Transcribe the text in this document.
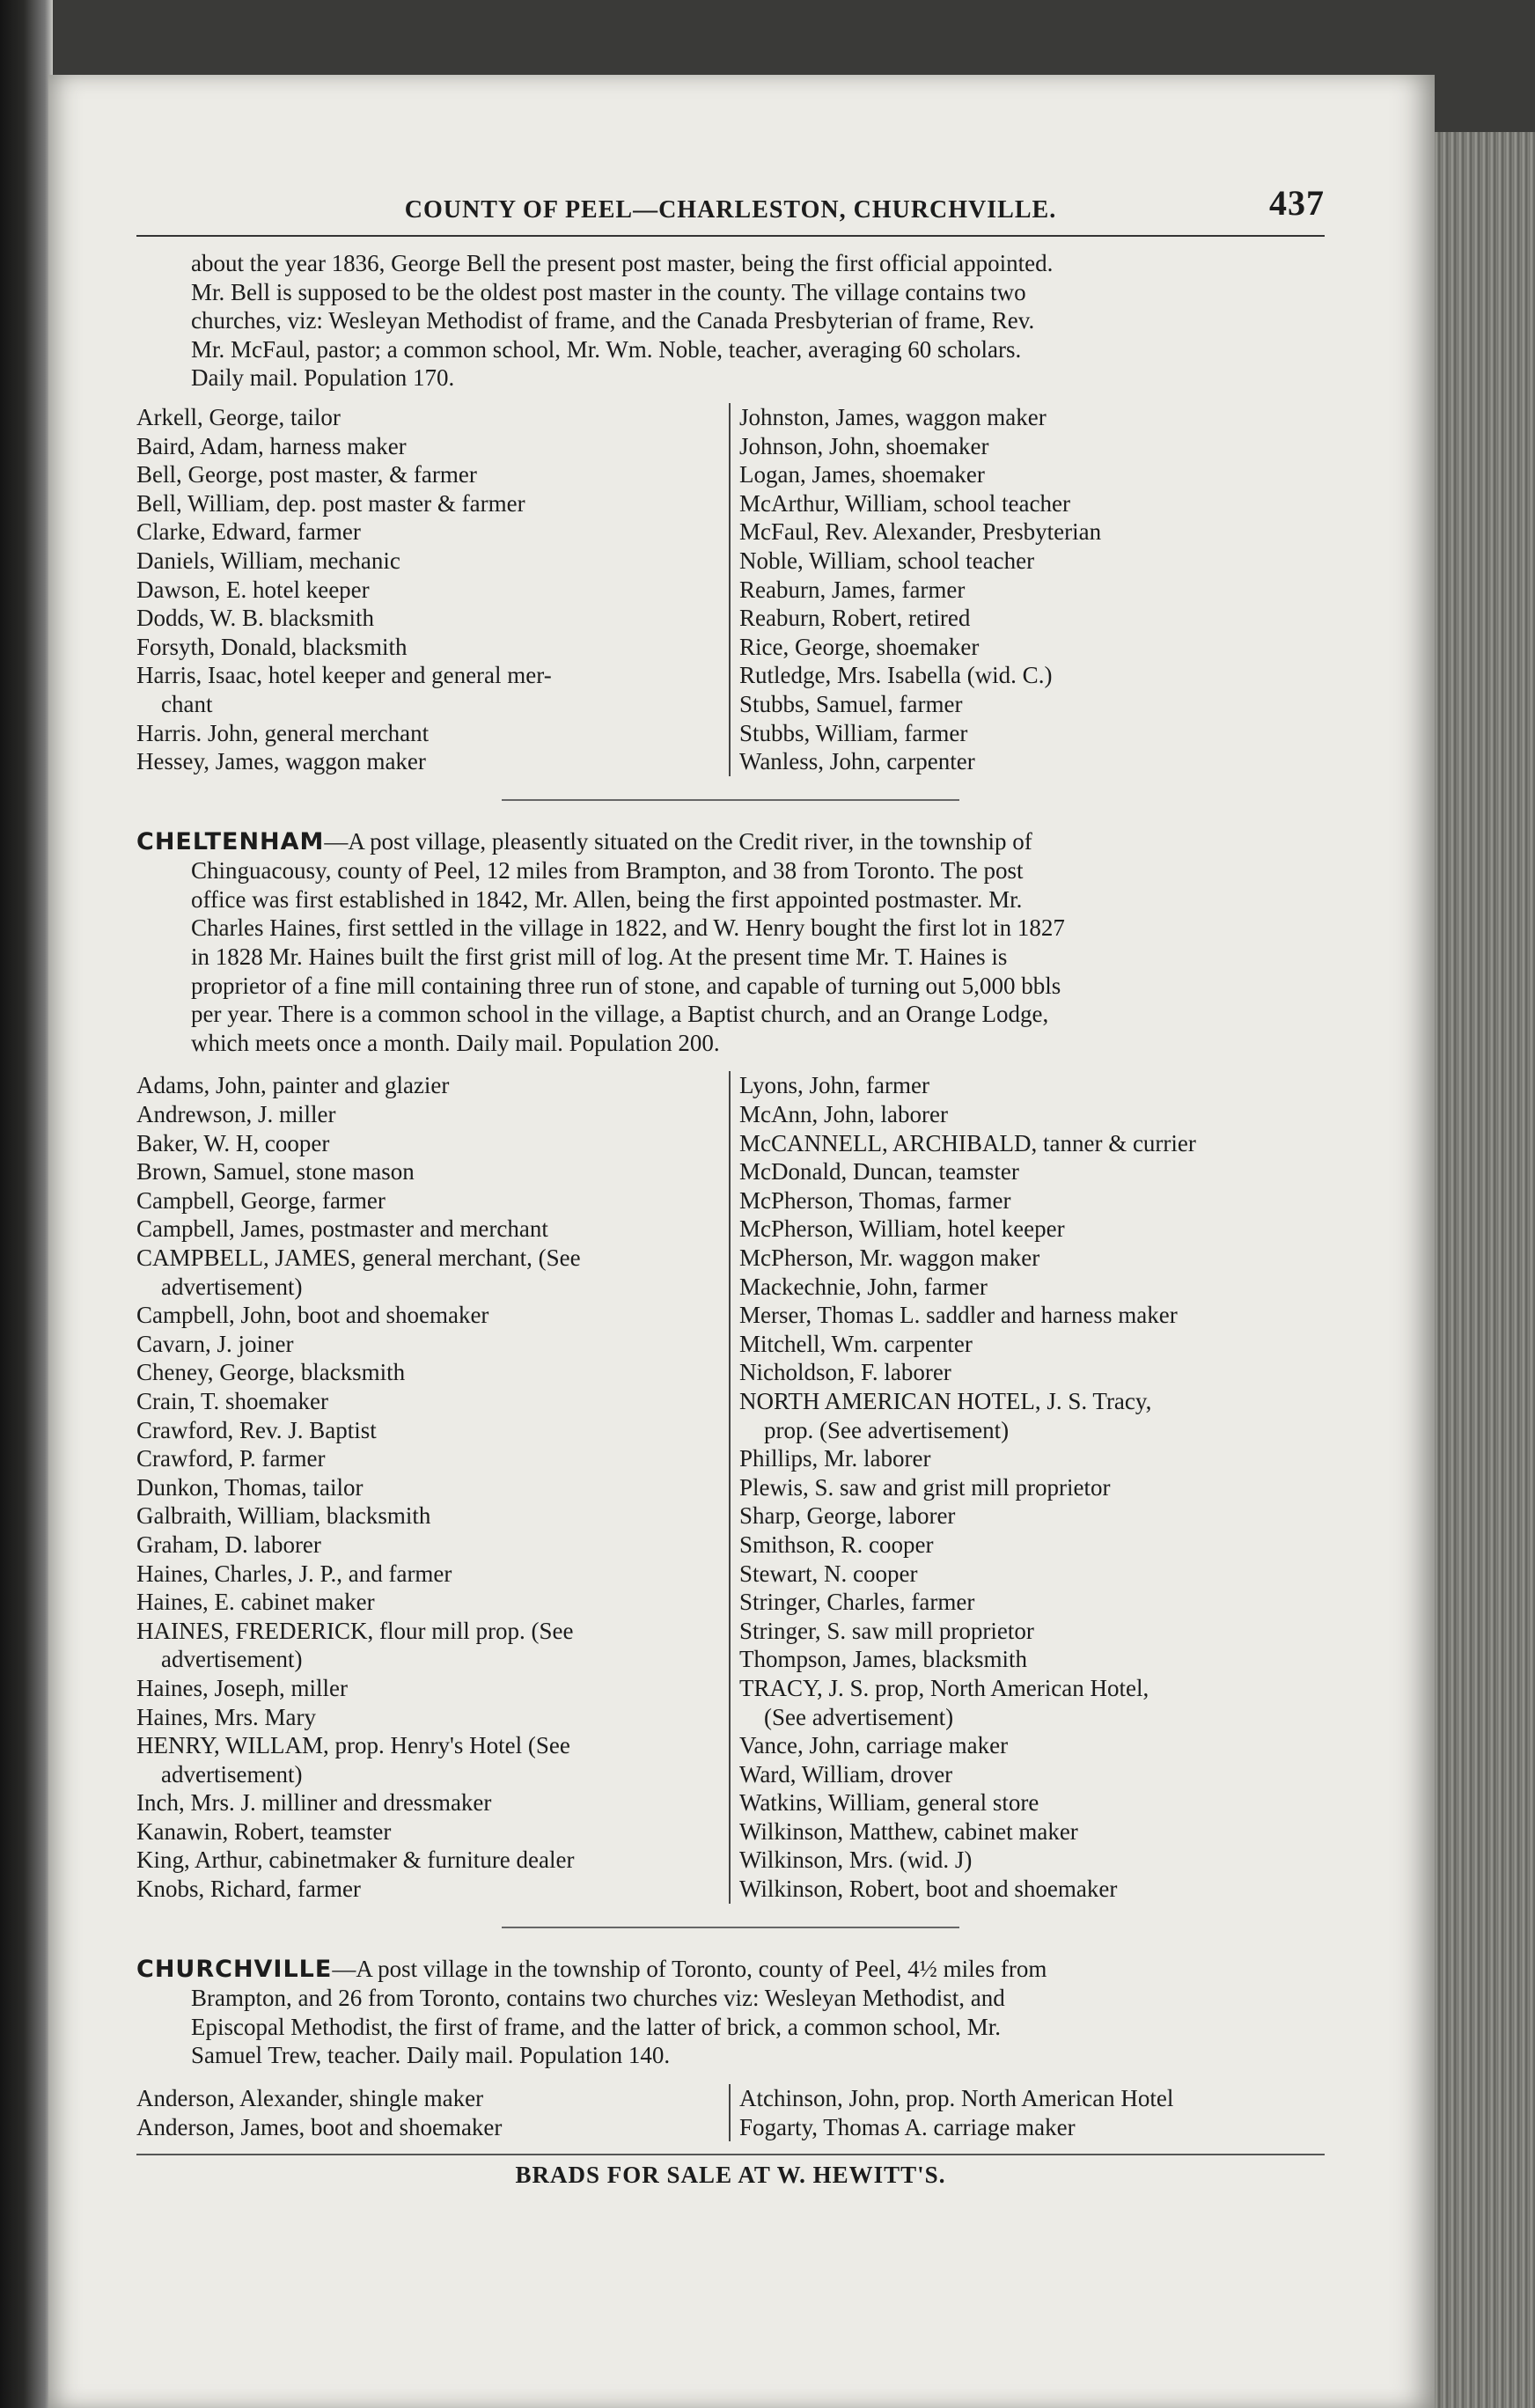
COUNTY OF PEEL—CHARLESTON, CHURCHVILLE.	437
about the year 1836, George Bell the present post master, being the first official appointed.
Mr. Bell is supposed to be the oldest post master in the county. The village contains two
churches, viz: Wesleyan Methodist of frame, and the Canada Presbyterian of frame, Rev.
Mr. McFaul, pastor; a common school, Mr. Wm. Noble, teacher, averaging 60 scholars.
Daily mail. Population 170.
Arkell, George, tailor
Baird, Adam, harness maker
Bell, George, post master, & farmer
Bell, William, dep. post master & farmer
Clarke, Edward, farmer
Daniels, William, mechanic
Dawson, E. hotel keeper
Dodds, W. B. blacksmith
Forsyth, Donald, blacksmith
Harris, Isaac, hotel keeper and general mer-
chant
Harris. John, general merchant
Hessey, James, waggon maker
Johnston, James, waggon maker
Johnson, John, shoemaker
Logan, James, shoemaker
McArthur, William, school teacher
McFaul, Rev. Alexander, Presbyterian
Noble, William, school teacher
Reaburn, James, farmer
Reaburn, Robert, retired
Rice, George, shoemaker
Rutledge, Mrs. Isabella (wid. C.)
Stubbs, Samuel, farmer
Stubbs, William, farmer
Wanless, John, carpenter
CHELTENHAM—A post village, pleasently situated on the Credit river, in the township of
Chinguacousy, county of Peel, 12 miles from Brampton, and 38 from Toronto. The post
office was first established in 1842, Mr. Allen, being the first appointed postmaster. Mr.
Charles Haines, first settled in the village in 1822, and W. Henry bought the first lot in 1827
in 1828 Mr. Haines built the first grist mill of log. At the present time Mr. T. Haines is
proprietor of a fine mill containing three run of stone, and capable of turning out 5,000 bbls
per year. There is a common school in the village, a Baptist church, and an Orange Lodge,
which meets once a month. Daily mail. Population 200.
Adams, John, painter and glazier
Andrewson, J. miller
Baker, W. H, cooper
Brown, Samuel, stone mason
Campbell, George, farmer
Campbell, James, postmaster and merchant
CAMPBELL, JAMES, general merchant, (See
advertisement)
Campbell, John, boot and shoemaker
Cavarn, J. joiner
Cheney, George, blacksmith
Crain, T. shoemaker
Crawford, Rev. J. Baptist
Crawford, P. farmer
Dunkon, Thomas, tailor
Galbraith, William, blacksmith
Graham, D. laborer
Haines, Charles, J. P., and farmer
Haines, E. cabinet maker
HAINES, FREDERICK, flour mill prop. (See
advertisement)
Haines, Joseph, miller
Haines, Mrs. Mary
HENRY, WILLAM, prop. Henry's Hotel (See
advertisement)
Inch, Mrs. J. milliner and dressmaker
Kanawin, Robert, teamster
King, Arthur, cabinetmaker & furniture dealer
Knobs, Richard, farmer
Lyons, John, farmer
McAnn, John, laborer
McCANNELL, ARCHIBALD, tanner & currier
McDonald, Duncan, teamster
McPherson, Thomas, farmer
McPherson, William, hotel keeper
McPherson, Mr. waggon maker
Mackechnie, John, farmer
Merser, Thomas L. saddler and harness maker
Mitchell, Wm. carpenter
Nicholdson, F. laborer
NORTH AMERICAN HOTEL, J. S. Tracy,
prop. (See advertisement)
Phillips, Mr. laborer
Plewis, S. saw and grist mill proprietor
Sharp, George, laborer
Smithson, R. cooper
Stewart, N. cooper
Stringer, Charles, farmer
Stringer, S. saw mill proprietor
Thompson, James, blacksmith
TRACY, J. S. prop, North American Hotel,
(See advertisement)
Vance, John, carriage maker
Ward, William, drover
Watkins, William, general store
Wilkinson, Matthew, cabinet maker
Wilkinson, Mrs. (wid. J)
Wilkinson, Robert, boot and shoemaker
CHURCHVILLE—A post village in the township of Toronto, county of Peel, 4½ miles from
Brampton, and 26 from Toronto, contains two churches viz: Wesleyan Methodist, and
Episcopal Methodist, the first of frame, and the latter of brick, a common school, Mr.
Samuel Trew, teacher. Daily mail. Population 140.
Anderson, Alexander, shingle maker
Anderson, James, boot and shoemaker
Atchinson, John, prop. North American Hotel
Fogarty, Thomas A. carriage maker
BRADS FOR SALE AT W. HEWITT'S.
